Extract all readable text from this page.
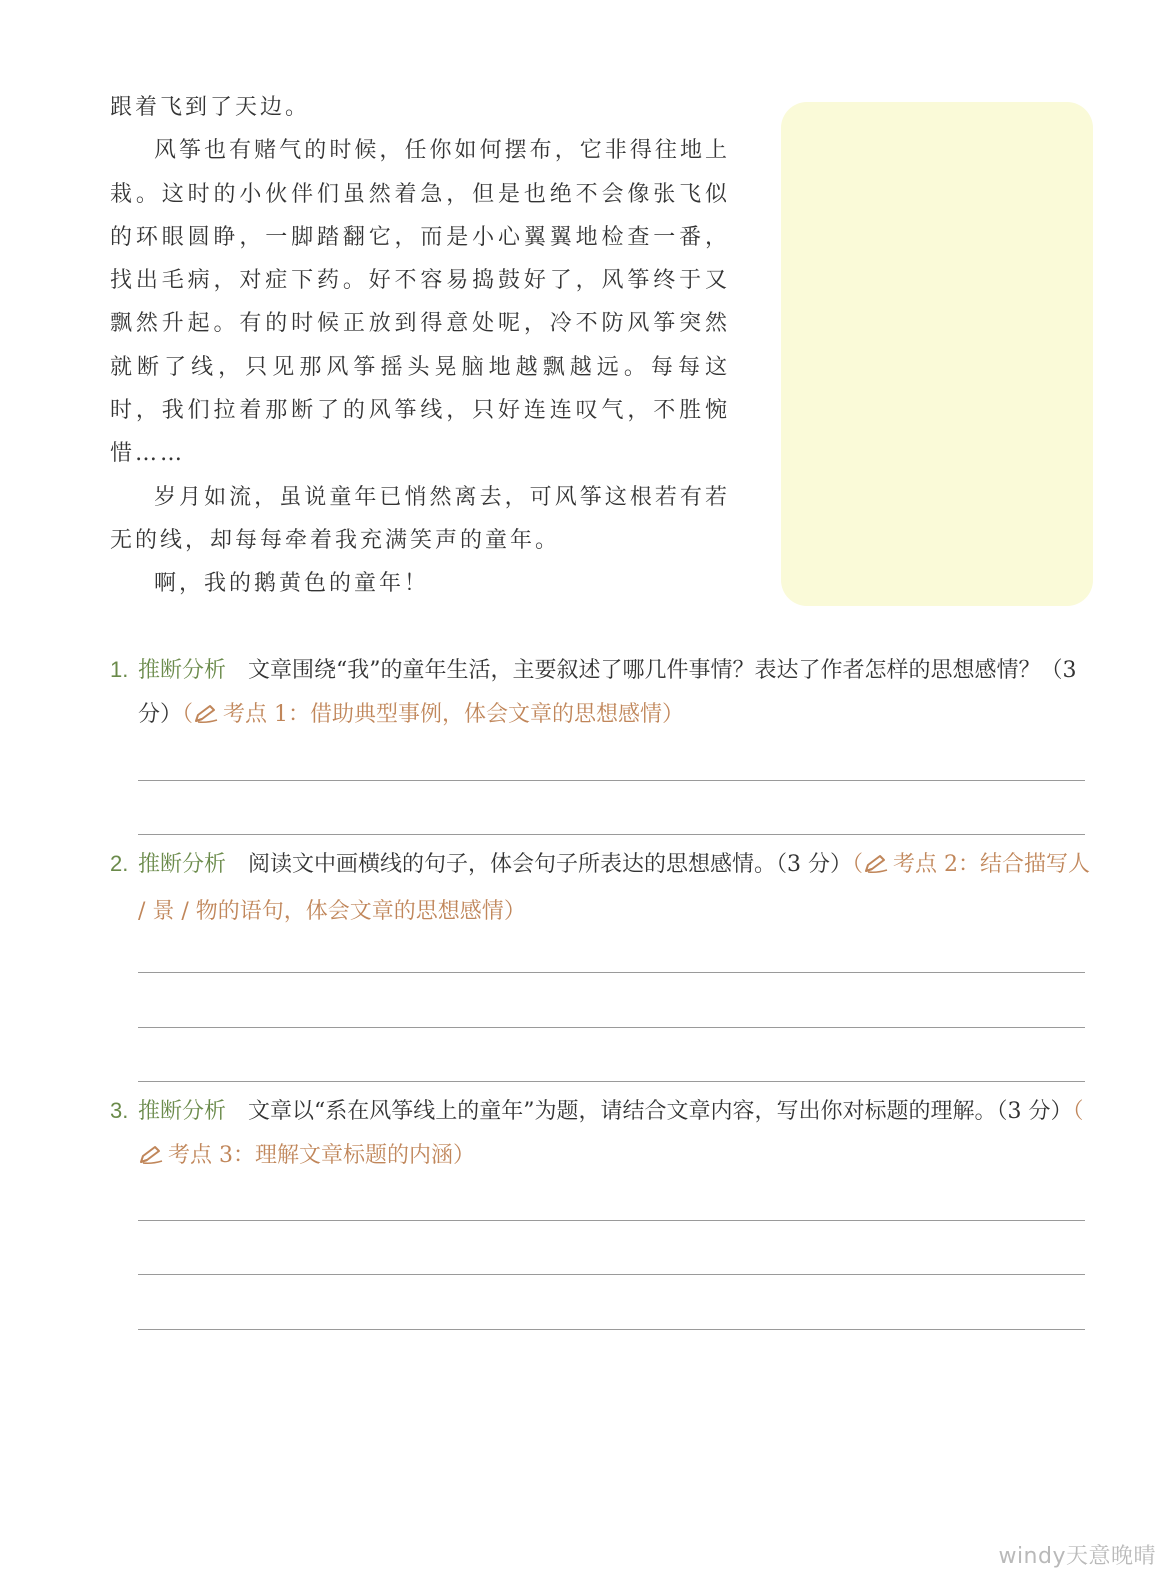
跟着飞到了天边。

风筝也有赌气的时候，任你如何摆布，它非得往地上栽。这时的小伙伴们虽然着急，但是也绝不会像张飞似的环眼圆睁，一脚踏翻它，而是小心翼翼地检查一番，找出毛病，对症下药。好不容易捣鼓好了，风筝终于又飘然升起。有的时候正放到得意处呢，冷不防风筝突然就断了线，只见那风筝摇头晃脑地越飘越远。每每这时，我们拉着那断了的风筝线，只好连连叹气，不胜惋惜……

岁月如流，虽说童年已悄然离去，可风筝这根若有若无的线，却每每牵着我充满笑声的童年。

啊，我的鹅黄色的童年！

1. 推断分析 文章围绕“我”的童年生活，主要叙述了哪几件事情？表达了作者怎样的思想感情？（3 分）（ 考点 1：借助典型事例，体会文章的思想感情）
2. 推断分析 阅读文中画横线的句子，体会句子所表达的思想感情。（3 分）（ 考点 2：结合描写人 / 景 / 物的语句，体会文章的思想感情）
3. 推断分析 文章以“系在风筝线上的童年”为题，请结合文章内容，写出你对标题的理解。（3 分）（考点 3：理解文章标题的内涵）
windy天意晚晴
